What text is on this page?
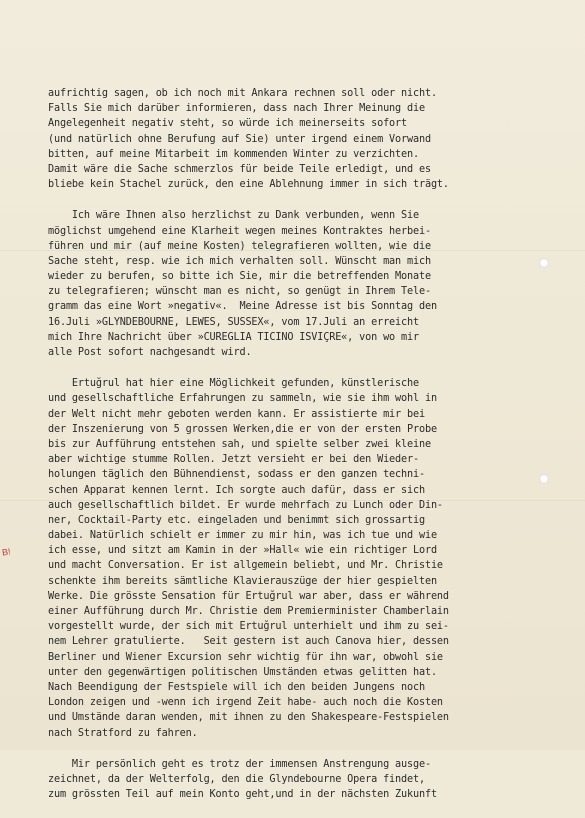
aufrichtig sagen, ob ich noch mit Ankara rechnen soll oder nicht.
Falls Sie mich darüber informieren, dass nach Ihrer Meinung die
Angelegenheit negativ steht, so würde ich meinerseits sofort
(und natürlich ohne Berufung auf Sie) unter irgend einem Vorwand
bitten, auf meine Mitarbeit im kommenden Winter zu verzichten.
Damit wäre die Sache schmerzlos für beide Teile erledigt, und es
bliebe kein Stachel zurück, den eine Ablehnung immer in sich trägt.
Ich wäre Ihnen also herzlichst zu Dank verbunden, wenn Sie
möglichst umgehend eine Klarheit wegen meines Kontraktes herbei-
führen und mir (auf meine Kosten) telegrafieren wollten, wie die
Sache steht, resp. wie ich mich verhalten soll. Wünscht man mich
wieder zu berufen, so bitte ich Sie, mir die betreffenden Monate
zu telegrafieren; wünscht man es nicht, so genügt in Ihrem Tele-
gramm das eine Wort »negativ«.  Meine Adresse ist bis Sonntag den
16.Juli »GLYNDEBOURNE, LEWES, SUSSEX«, vom 17.Juli an erreicht
mich Ihre Nachricht über »CUREGLIA TICINO ISVIÇRE«, von wo mir
alle Post sofort nachgesandt wird.
Ertuğrul hat hier eine Möglichkeit gefunden, künstlerische
und gesellschaftliche Erfahrungen zu sammeln, wie sie ihm wohl in
der Welt nicht mehr geboten werden kann. Er assistierte mir bei
der Inszenierung von 5 grossen Werken,die er von der ersten Probe
bis zur Aufführung entstehen sah, und spielte selber zwei kleine
aber wichtige stumme Rollen. Jetzt versieht er bei den Wieder-
holungen täglich den Bühnendienst, sodass er den ganzen techni-
schen Apparat kennen lernt. Ich sorgte auch dafür, dass er sich
auch gesellschaftlich bildet. Er wurde mehrfach zu Lunch oder Din-
ner, Cocktail-Party etc. eingeladen und benimmt sich grossartig
dabei. Natürlich schielt er immer zu mir hin, was ich tue und wie
ich esse, und sitzt am Kamin in der »Hall« wie ein richtiger Lord
und macht Conversation. Er ist allgemein beliebt, und Mr. Christie
schenkte ihm bereits sämtliche Klavierauszüge der hier gespielten
Werke. Die grösste Sensation für Ertuğrul war aber, dass er während
einer Aufführung durch Mr. Christie dem Premierminister Chamberlain
vorgestellt wurde, der sich mit Ertuğrul unterhielt und ihm zu sei-
nem Lehrer gratulierte.   Seit gestern ist auch Canova hier, dessen
Berliner und Wiener Excursion sehr wichtig für ihn war, obwohl sie
unter den gegenwärtigen politischen Umständen etwas gelitten hat.
Nach Beendigung der Festspiele will ich den beiden Jungens noch
London zeigen und -wenn ich irgend Zeit habe- auch noch die Kosten
und Umstände daran wenden, mit ihnen zu den Shakespeare-Festspielen
nach Stratford zu fahren.
Mir persönlich geht es trotz der immensen Anstrengung ausge-
zeichnet, da der Welterfolg, den die Glyndebourne Opera findet,
zum grössten Teil auf mein Konto geht,und in der nächsten Zukunft
B!
